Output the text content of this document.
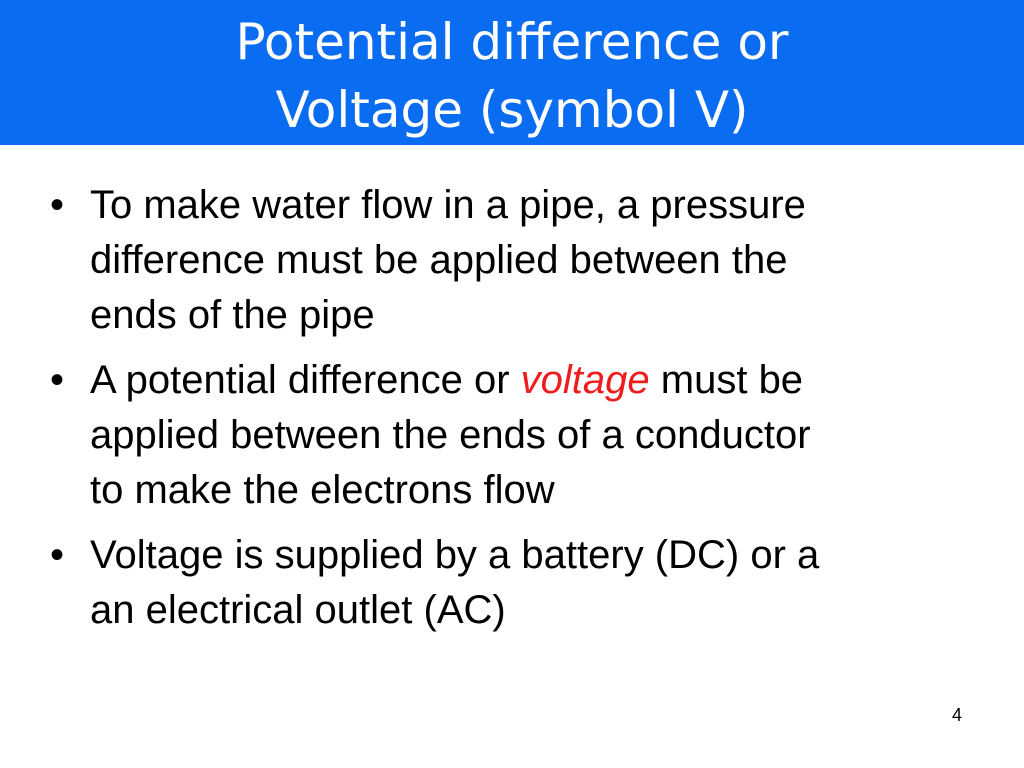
Potential difference or
Voltage (symbol V)
• To make water flow in a pipe, a pressure
difference must be applied between the
ends of the pipe
• A potential difference or voltage must be
applied between the ends of a conductor
to make the electrons flow
• Voltage is supplied by a battery (DC) or a
an electrical outlet (AC)
4
